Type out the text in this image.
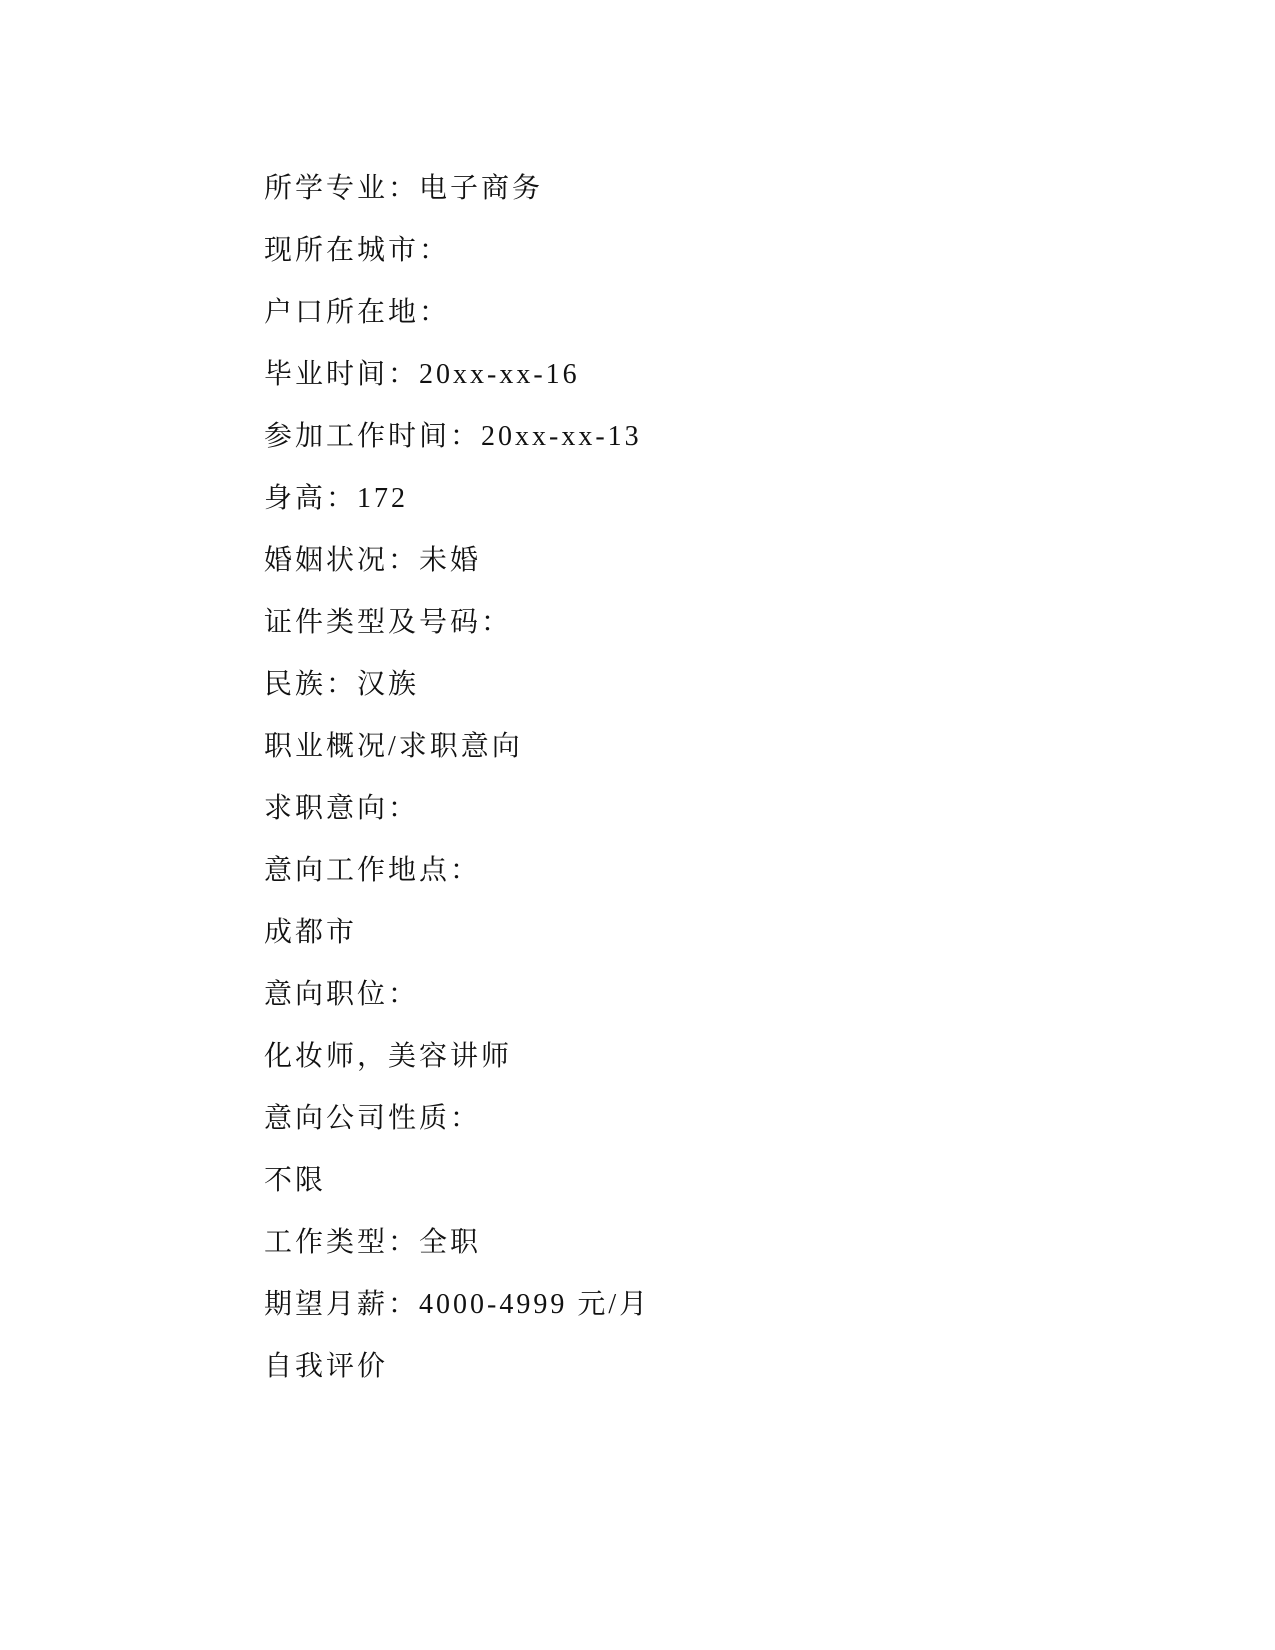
所学专业：电子商务
现所在城市：
户口所在地：
毕业时间：20xx-xx-16
参加工作时间：20xx-xx-13
身高：172
婚姻状况：未婚
证件类型及号码：
民族：汉族
职业概况/求职意向
求职意向：
意向工作地点：
成都市
意向职位：
化妆师，美容讲师
意向公司性质：
不限
工作类型：全职
期望月薪：4000-4999 元/月
自我评价
